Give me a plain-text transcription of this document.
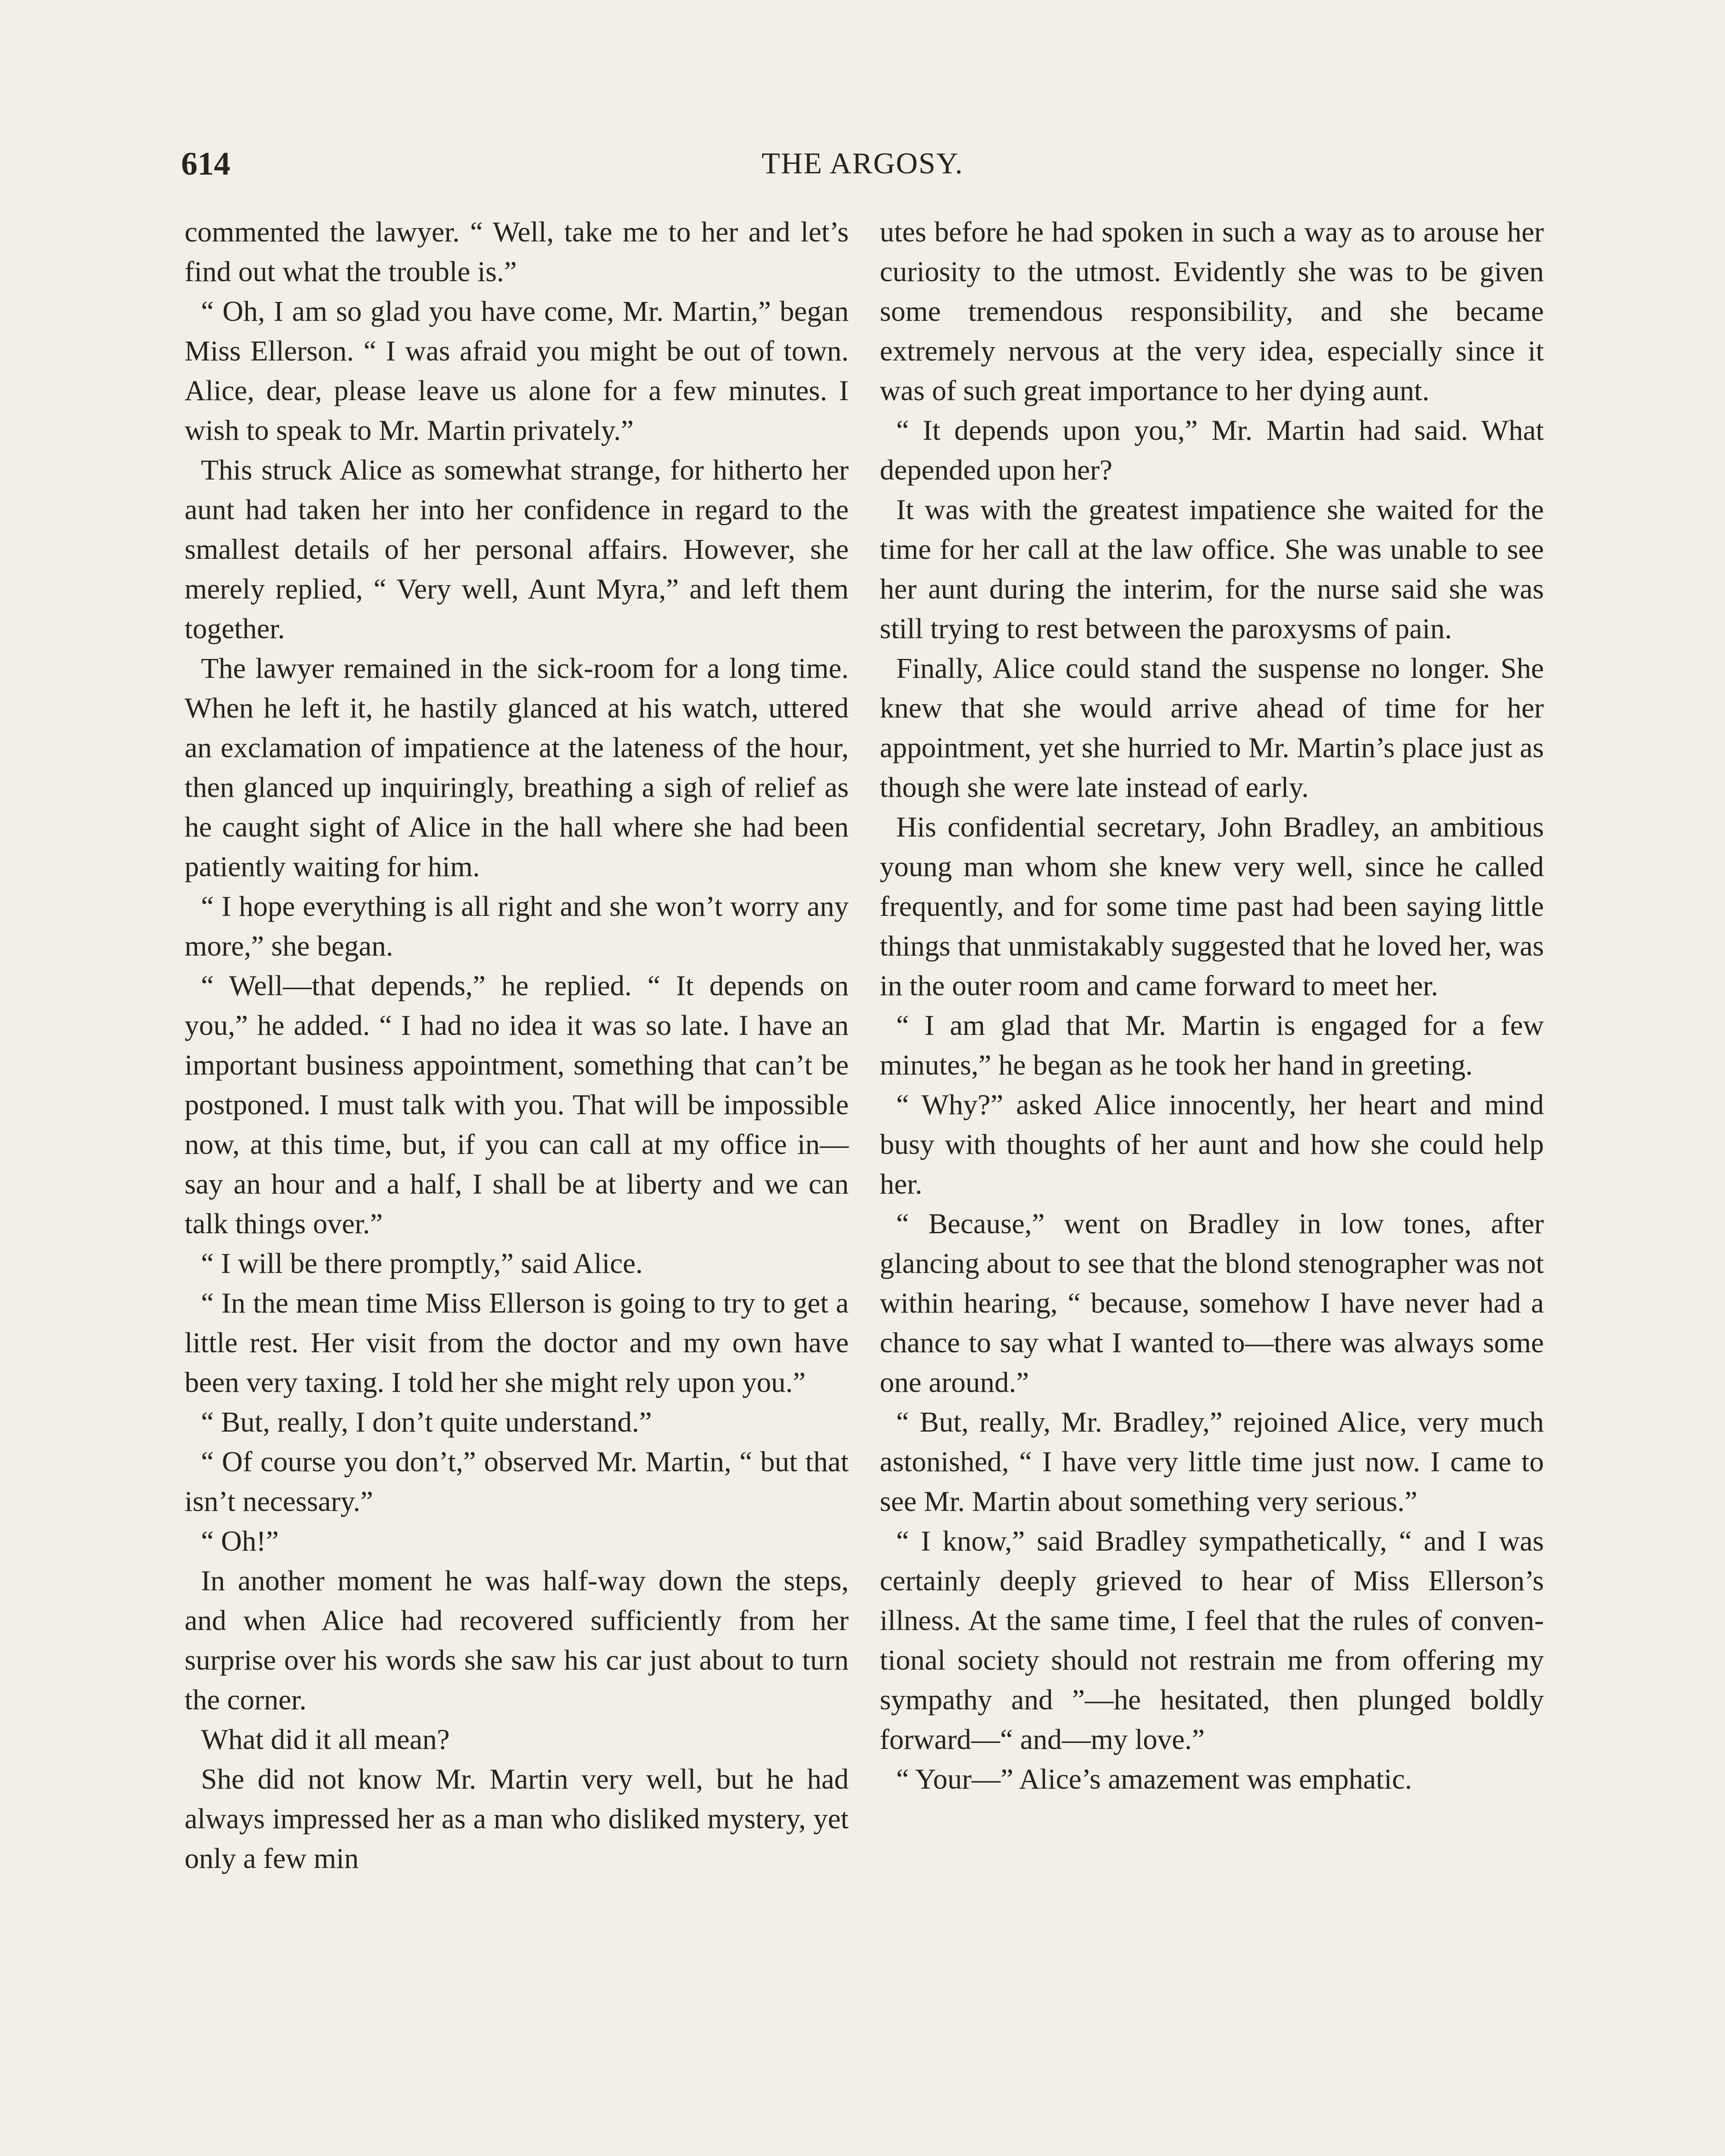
614	THE ARGOSY.

commented the lawyer. “ Well, take me to her and let’s find out what the trouble is.”

“ Oh, I am so glad you have come, Mr. Martin,” began Miss Ellerson. “ I was afraid you might be out of town. Alice, dear, please leave us alone for a few minutes. I wish to speak to Mr. Martin privately.”

This struck Alice as somewhat strange, for hitherto her aunt had taken her into her confidence in regard to the smallest details of her personal affairs. However, she merely replied, “ Very well, Aunt Myra,” and left them together.

The lawyer remained in the sick-room for a long time. When he left it, he hastily glanced at his watch, uttered an exclamation of impatience at the lateness of the hour, then glanced up inquiringly, breathing a sigh of relief as he caught sight of Alice in the hall where she had been patiently waiting for him.

“ I hope everything is all right and she won’t worry any more,” she began.

“ Well—that depends,” he replied. “ It depends on you,” he added. “ I had no idea it was so late. I have an important business appointment, something that can’t be postponed. I must talk with you. That will be impossible now, at this time, but, if you can call at my office in—say an hour and a half, I shall be at liberty and we can talk things over.”

“ I will be there promptly,” said Alice.

“ In the mean time Miss Ellerson is going to try to get a little rest. Her visit from the doctor and my own have been very taxing. I told her she might rely upon you.”

“ But, really, I don’t quite understand.”

“ Of course you don’t,” observed Mr. Martin, “ but that isn’t necessary.”

“ Oh!”

In another moment he was half-way down the steps, and when Alice had recovered sufficiently from her surprise over his words she saw his car just about to turn the corner.

What did it all mean?

She did not know Mr. Martin very well, but he had always impressed her as a man who disliked mystery, yet only a few min

utes before he had spoken in such a way as to arouse her curiosity to the utmost. Evidently she was to be given some tremendous responsibility, and she became extremely nervous at the very idea, especially since it was of such great importance to her dying aunt.

“ It depends upon you,” Mr. Martin had said. What depended upon her?

It was with the greatest impatience she waited for the time for her call at the law office. She was unable to see her aunt during the interim, for the nurse said she was still trying to rest between the paroxysms of pain.

Finally, Alice could stand the suspense no longer. She knew that she would arrive ahead of time for her appointment, yet she hurried to Mr. Martin’s place just as though she were late instead of early.

His confidential secretary, John Bradley, an ambitious young man whom she knew very well, since he called frequently, and for some time past had been saying little things that unmistakably suggested that he loved her, was in the outer room and came forward to meet her.

“ I am glad that Mr. Martin is engaged for a few minutes,” he began as he took her hand in greeting.

“ Why?” asked Alice innocently, her heart and mind busy with thoughts of her aunt and how she could help her.

“ Because,” went on Bradley in low tones, after glancing about to see that the blond stenographer was not within hearing, “ because, somehow I have never had a chance to say what I wanted to—there was always some one around.”

“ But, really, Mr. Bradley,” rejoined Alice, very much astonished, “ I have very little time just now. I came to see Mr. Martin about something very serious.”

“ I know,” said Bradley sympathetically, “ and I was certainly deeply grieved to hear of Miss Ellerson’s illness. At the same time, I feel that the rules of conventional society should not restrain me from offering my sympathy and ”—he hesitated, then plunged boldly forward—“ and—my love.”

“ Your—” Alice’s amazement was emphatic.
